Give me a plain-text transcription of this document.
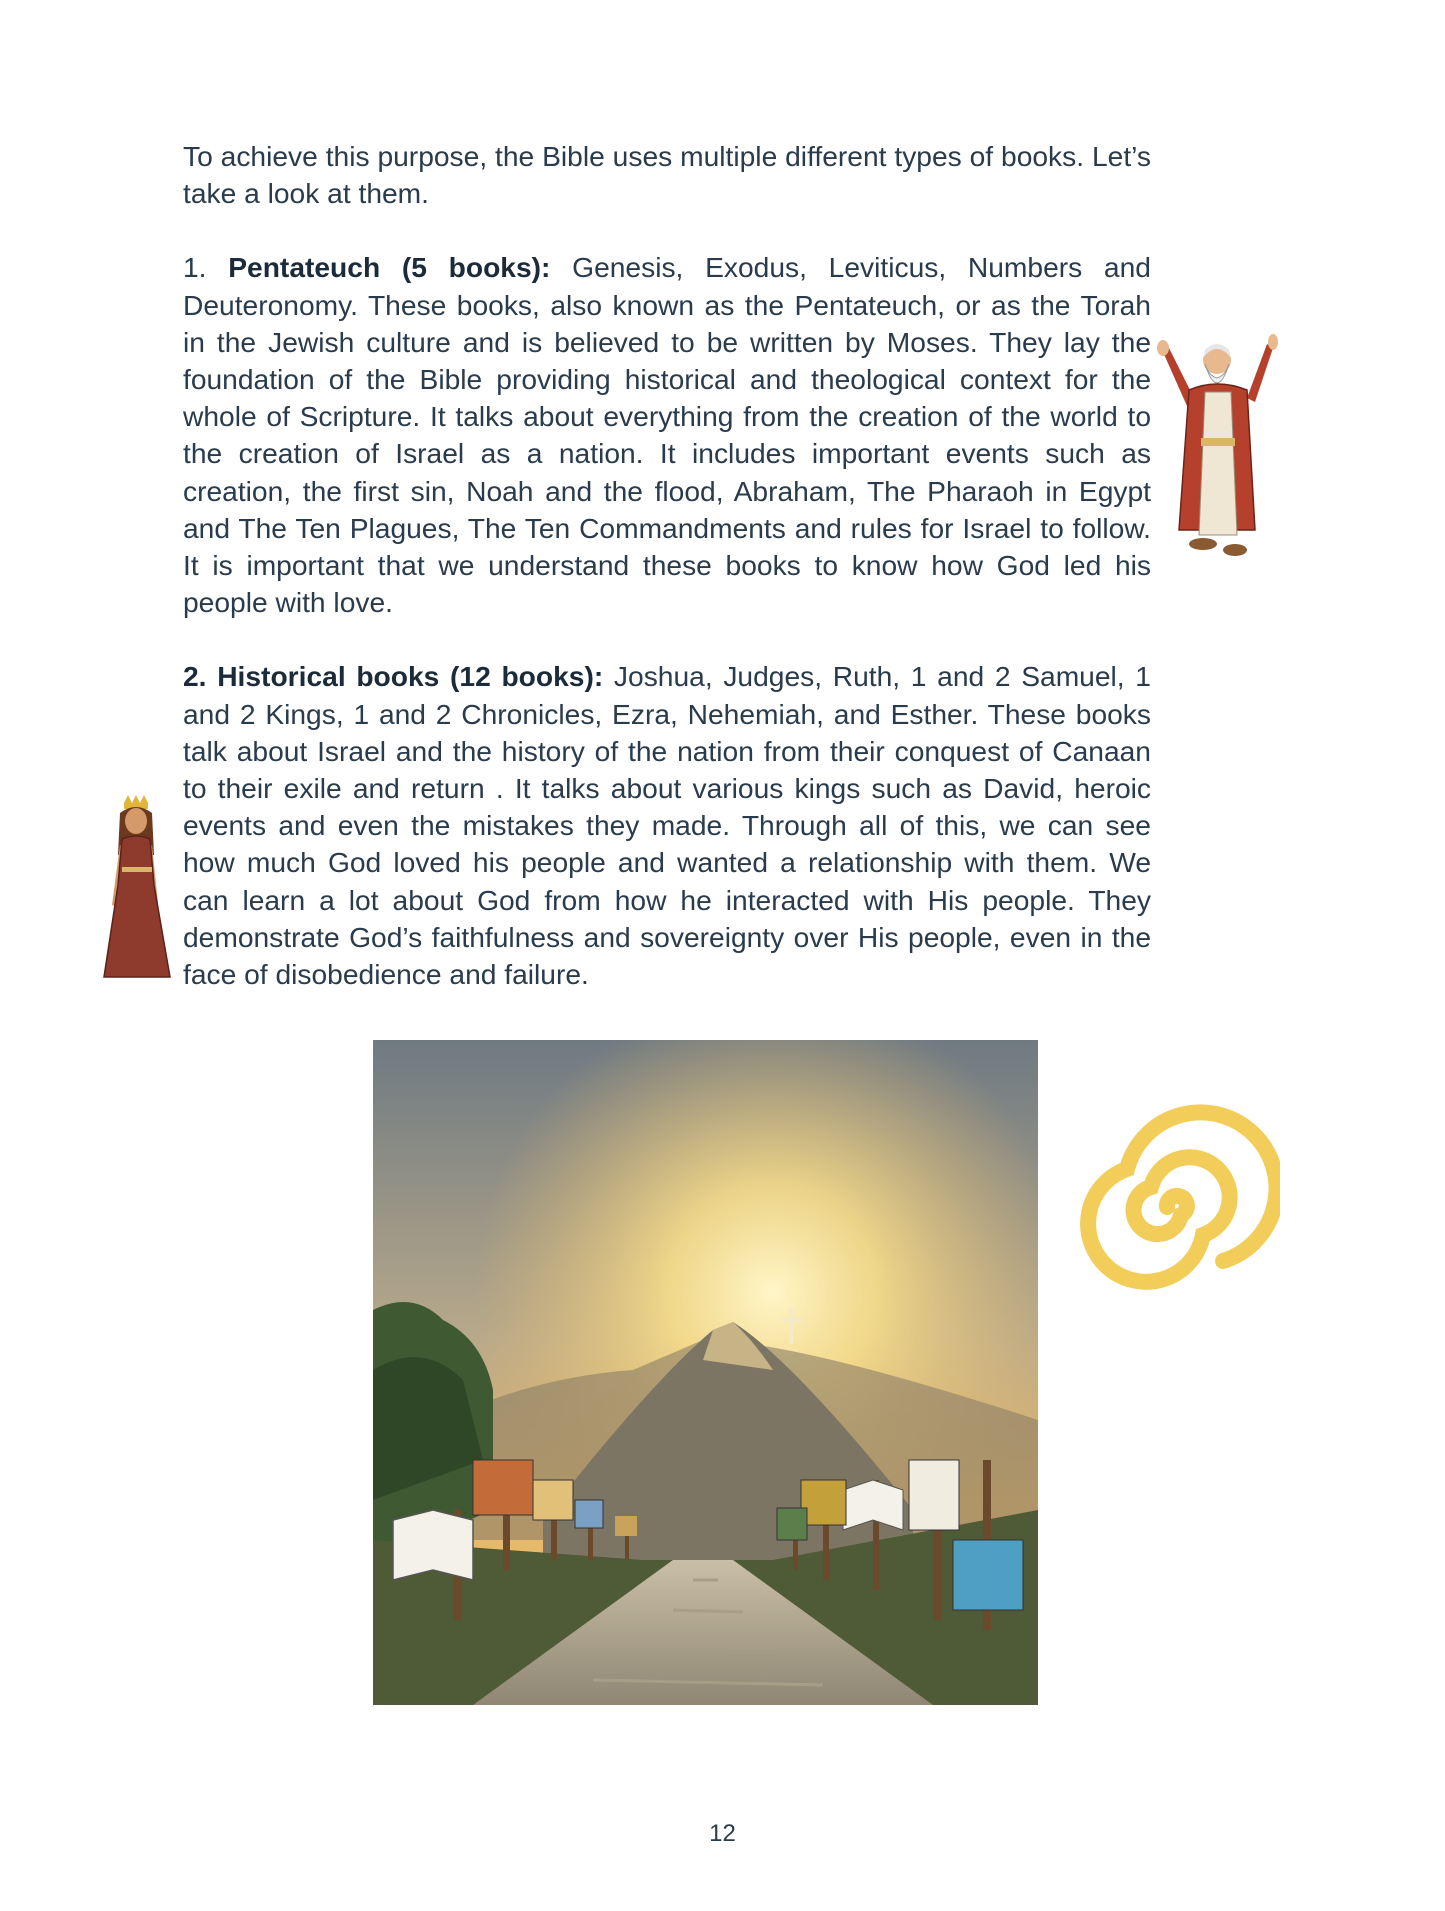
To achieve this purpose, the Bible uses multiple different types of books. Let’s take a look at them.

1. Pentateuch (5 books): Genesis, Exodus, Leviticus, Numbers and Deuteronomy. These books, also known as the Pentateuch, or as the Torah in the Jewish culture and is believed to be written by Moses. They lay the foundation of the Bible providing historical and theological context for the whole of Scripture. It talks about everything from the creation of the world to the creation of Israel as a nation. It includes important events such as creation, the first sin, Noah and the flood, Abraham, The Pharaoh in Egypt and The Ten Plagues, The Ten Commandments and rules for Israel to follow. It is important that we understand these books to know how God led his people with love.

2. Historical books (12 books): Joshua, Judges, Ruth, 1 and 2 Samuel, 1 and 2 Kings, 1 and 2 Chronicles, Ezra, Nehemiah, and Esther. These books talk about Israel and the history of the nation from their conquest of Canaan to their exile and return . It talks about various kings such as David, heroic events and even the mistakes they made. Through all of this, we can see how much God loved his people and wanted a relationship with them. We can learn a lot about God from how he interacted with His people. They demonstrate God’s faithfulness and sovereignty over His people, even in the face of disobedience and failure.

12
